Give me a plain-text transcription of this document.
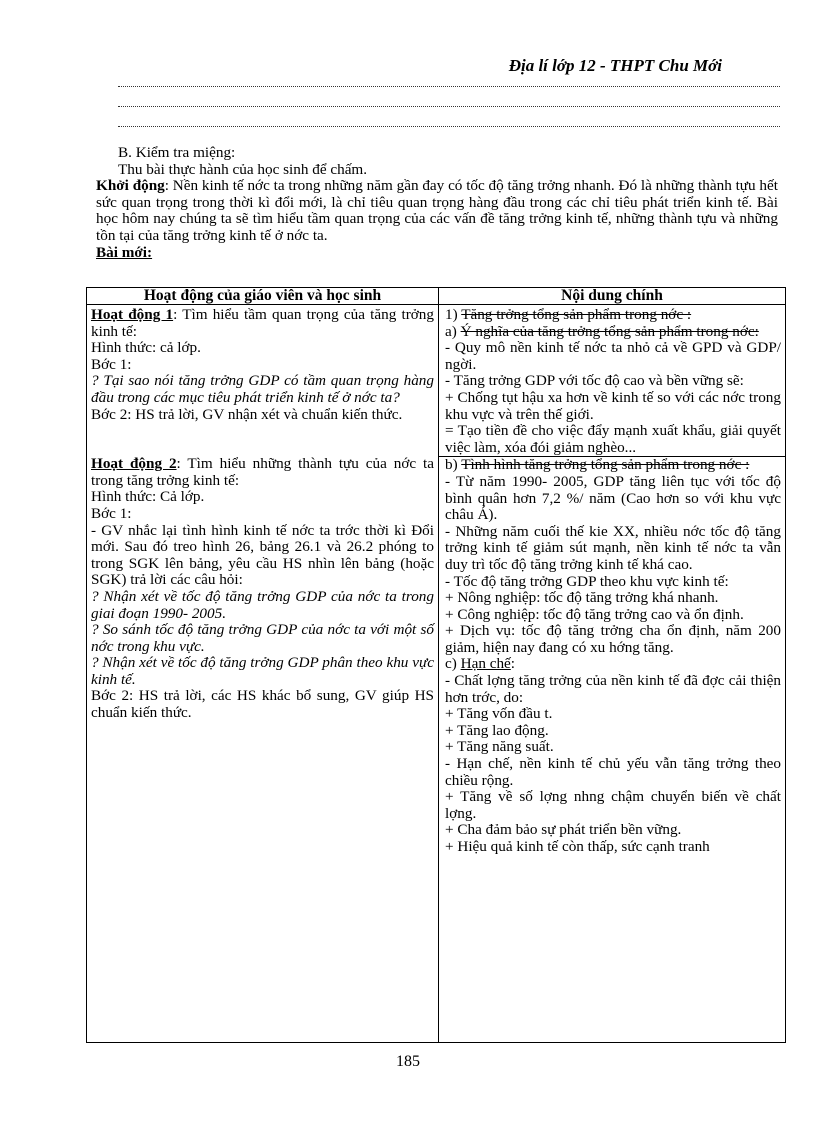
Địa lí lớp 12 - THPT Chu Mới

B. Kiểm tra miệng:

Thu bài thực hành của học sinh để chấm.

Khởi động: Nền kinh tế nớc ta trong những năm gần đay có tốc độ tăng trởng nhanh. Đó là những thành tựu hết sức quan trọng trong thời kì đổi mới, là chỉ tiêu quan trọng hàng đầu trong các chỉ tiêu phát triển kinh tế. Bài học hôm nay chúng ta sẽ tìm hiểu tầm quan trọng của các vấn đề tăng trởng kinh tế, những thành tựu và những tồn tại của tăng trởng kinh tế ở nớc ta.

Bài mới:

Hoạt động của giáo viên và học sinh	Nội dung chính

Hoạt động 1: Tìm hiểu tầm quan trọng của tăng trởng kinh tế:

Hình thức: cả lớp.

Bớc 1:

? Tại sao nói tăng trởng GDP có tầm quan trọng hàng đầu trong các mục tiêu phát triển kinh tế ở nớc ta?

Bớc 2: HS trả lời, GV nhận xét và chuẩn kiến thức.

Hoạt động 2: Tìm hiểu những thành tựu của nớc ta trong tăng trởng kinh tế:

Hình thức: Cả lớp.

Bớc 1:

- GV nhắc lại tình hình kinh tế nớc ta trớc thời kì Đổi mới. Sau đó treo hình 26, bảng 26.1 và 26.2 phóng to trong SGK lên bảng, yêu cầu HS nhìn lên bảng (hoặc SGK) trả lời các câu hỏi:

? Nhận xét về tốc độ tăng trởng GDP của nớc ta trong giai đoạn 1990- 2005.

? So sánh tốc độ tăng trởng GDP của nớc ta với một số nớc trong khu vực.

? Nhận xét về tốc độ tăng trởng GDP phân theo khu vực kinh tế.

Bớc 2: HS trả lời, các HS khác bổ sung, GV giúp HS chuẩn kiến thức.

1) Tăng trởng tổng sản phẩm trong nớc :

a) Ý nghĩa của tăng trởng tổng sản phẩm trong nớc:

- Quy mô nền kinh tế nớc ta nhỏ cả về GPD và GDP/ ngời.

- Tăng trởng GDP với tốc độ cao và bền vững sẽ:

+ Chống tụt hậu xa hơn về kinh tế so với các nớc trong khu vực và trên thế giới.

= Tạo tiền đề cho việc đẩy mạnh xuất khẩu, giải quyết việc làm, xóa đói giảm nghèo...

b) Tình hình tăng trởng tổng sản phẩm trong nớc :

- Từ năm 1990- 2005, GDP tăng liên tục với tốc độ bình quân hơn 7,2 %/ năm (Cao hơn so với khu vực châu Á).

- Những năm cuối thế kie XX, nhiều nớc tốc độ tăng trởng kinh tế giảm sút mạnh, nền kinh tế nớc ta vẫn duy trì tốc độ tăng trởng kinh tế khá cao.

- Tốc độ tăng trởng GDP theo khu vực kinh tế:

+ Nông nghiệp: tốc độ tăng trởng khá nhanh.

+ Công nghiệp: tốc độ tăng trởng cao và ổn định.

+ Dịch vụ: tốc độ tăng trởng cha ổn định, năm 200 giảm, hiện nay đang có xu hớng tăng.

c) Hạn chế:

- Chất lợng tăng trởng của nền kinh tế đã đợc cải thiện hơn trớc, do:

+ Tăng vốn đầu t.

+ Tăng lao động.

+ Tăng năng suất.

- Hạn chế, nền kinh tế chủ yếu vẫn tăng trởng theo chiều rộng.

+ Tăng về số lợng nhng chậm chuyển biến về chất lợng.

+ Cha đảm bảo sự phát triển bền vững.

+ Hiệu quả kinh tế còn thấp, sức cạnh tranh

185
